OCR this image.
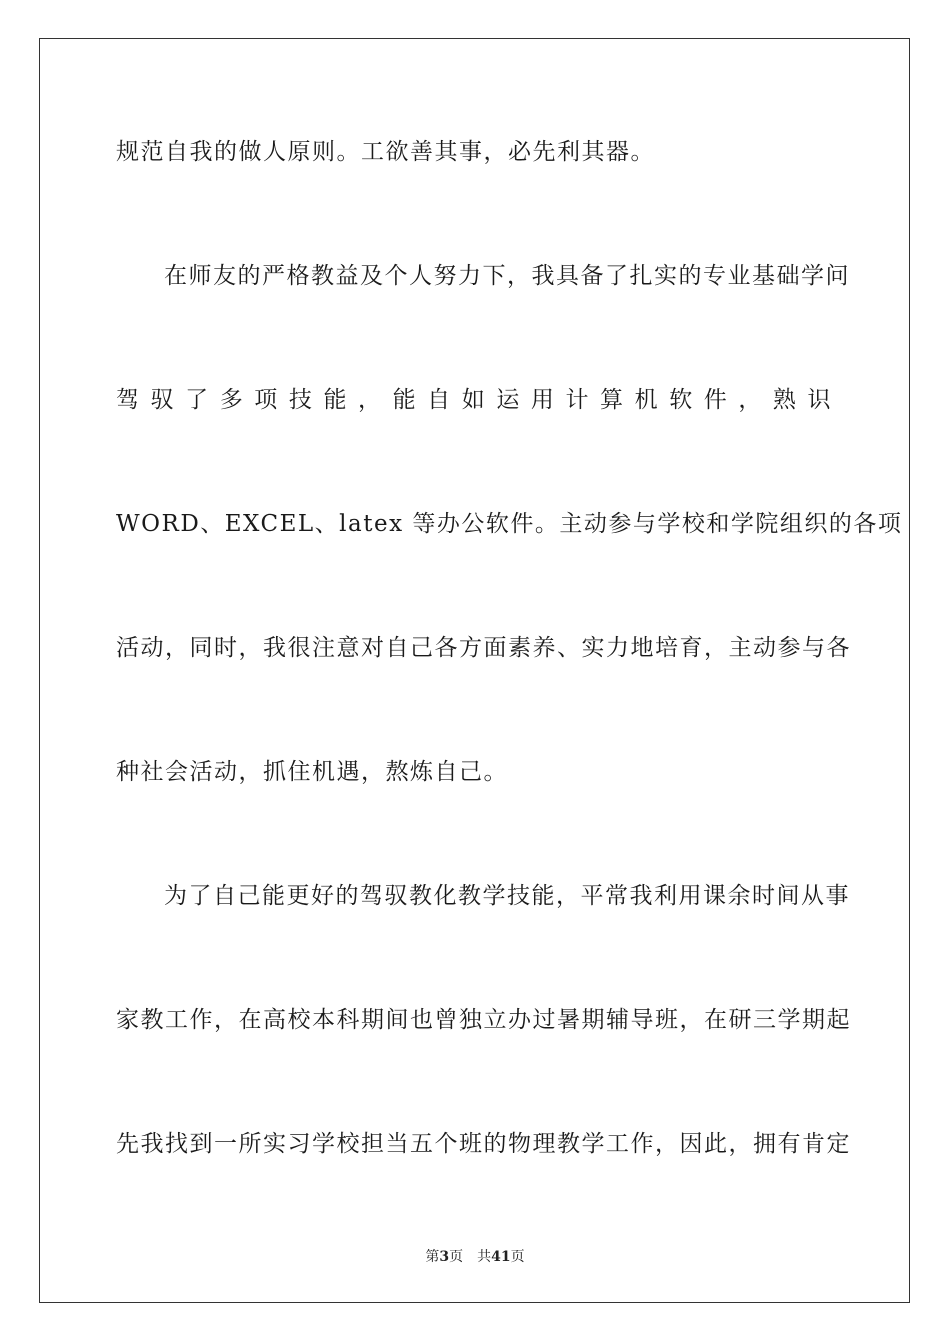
规范自我的做人原则。工欲善其事，必先利其器。
在师友的严格教益及个人努力下，我具备了扎实的专业基础学问
驾驭了多项技能，能自如运用计算机软件，熟识
WORD、EXCEL、latex 等办公软件。主动参与学校和学院组织的各项
活动，同时，我很注意对自己各方面素养、实力地培育，主动参与各
种社会活动，抓住机遇，熬炼自己。
为了自己能更好的驾驭教化教学技能，平常我利用课余时间从事
家教工作，在高校本科期间也曾独立办过暑期辅导班，在研三学期起
先我找到一所实习学校担当五个班的物理教学工作，因此，拥有肯定
第3页 共41页
